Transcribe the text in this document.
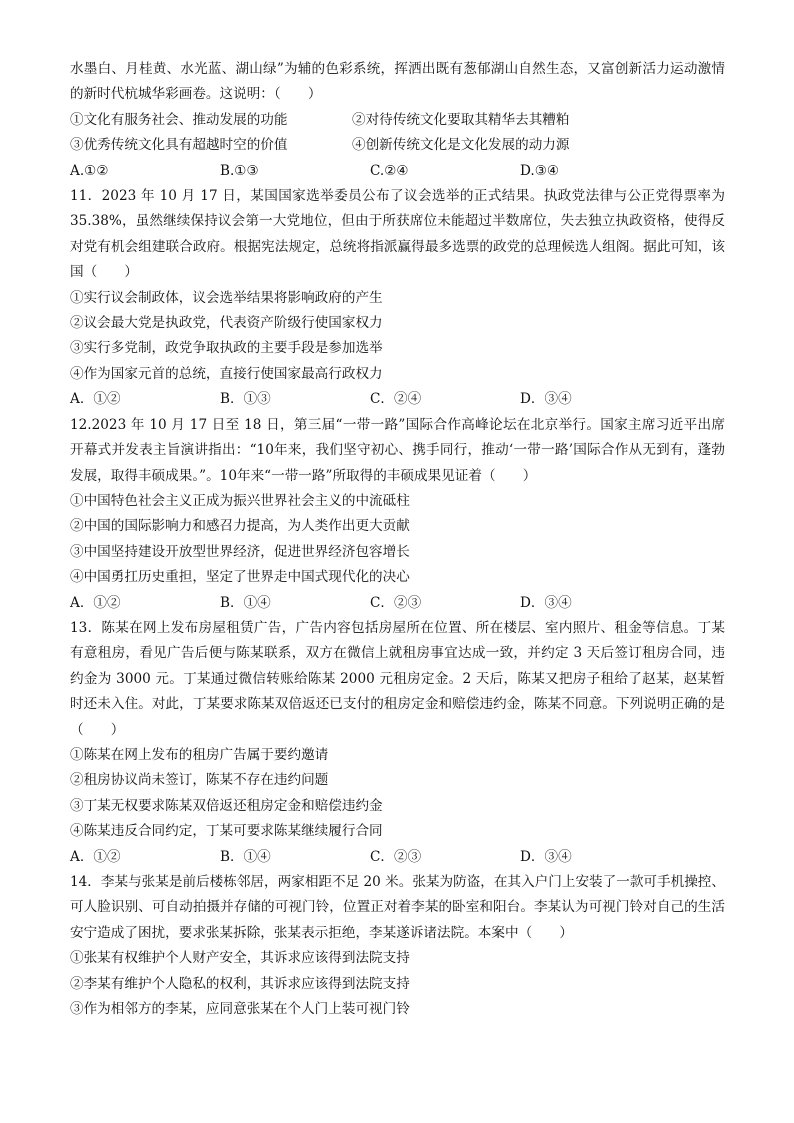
水墨白、月桂黄、水光蓝、湖山绿”为辅的色彩系统，挥洒出既有葱郁湖山自然生态，又富创新活力运动激情的新时代杭城华彩画卷。这说明：（　　）

①文化有服务社会、推动发展的功能	②对待传统文化要取其精华去其糟粕
③优秀传统文化具有超越时空的价值	④创新传统文化是文化发展的动力源
A.①②	B.①③	C.②④	D.③④

11．2023 年 10 月 17 日，某国国家选举委员公布了议会选举的正式结果。执政党法律与公正党得票率为 35.38%，虽然继续保持议会第一大党地位，但由于所获席位未能超过半数席位，失去独立执政资格，使得反对党有机会组建联合政府。根据宪法规定，总统将指派赢得最多选票的政党的总理候选人组阁。据此可知，该国（　　）

①实行议会制政体，议会选举结果将影响政府的产生
②议会最大党是执政党，代表资产阶级行使国家权力
③实行多党制，政党争取执政的主要手段是参加选举
④作为国家元首的总统，直接行使国家最高行政权力
A．①②	B．①③	C．②④	D．③④

12.2023 年 10 月 17 日至 18 日，第三届“一带一路”国际合作高峰论坛在北京举行。国家主席习近平出席开幕式并发表主旨演讲指出：“10年来，我们坚守初心、携手同行，推动‘一带一路’国际合作从无到有，蓬勃发展，取得丰硕成果。”。10年来“一带一路”所取得的丰硕成果见证着（　　）

①中国特色社会主义正成为振兴世界社会主义的中流砥柱
②中国的国际影响力和感召力提高，为人类作出更大贡献
③中国坚持建设开放型世界经济，促进世界经济包容增长
④中国勇扛历史重担，坚定了世界走中国式现代化的决心
A．①②	B．①④	C．②③	D．③④

13．陈某在网上发布房屋租赁广告，广告内容包括房屋所在位置、所在楼层、室内照片、租金等信息。丁某有意租房，看见广告后便与陈某联系，双方在微信上就租房事宜达成一致，并约定 3 天后签订租房合同，违约金为 3000 元。丁某通过微信转账给陈某 2000 元租房定金。2 天后，陈某又把房子租给了赵某，赵某暂时还未入住。对此，丁某要求陈某双倍返还已支付的租房定金和赔偿违约金，陈某不同意。下列说明正确的是（　　）

①陈某在网上发布的租房广告属于要约邀请
②租房协议尚未签订，陈某不存在违约问题
③丁某无权要求陈某双倍返还租房定金和赔偿违约金
④陈某违反合同约定，丁某可要求陈某继续履行合同
A．①②	B．①④	C．②③	D．③④

14．李某与张某是前后楼栋邻居，两家相距不足 20 米。张某为防盗，在其入户门上安装了一款可手机操控、可人脸识别、可自动拍摄并存储的可视门铃，位置正对着李某的卧室和阳台。李某认为可视门铃对自己的生活安宁造成了困扰，要求张某拆除，张某表示拒绝，李某遂诉诸法院。本案中（　　）

①张某有权维护个人财产安全，其诉求应该得到法院支持
②李某有维护个人隐私的权利，其诉求应该得到法院支持
③作为相邻方的李某，应同意张某在个人门上装可视门铃
